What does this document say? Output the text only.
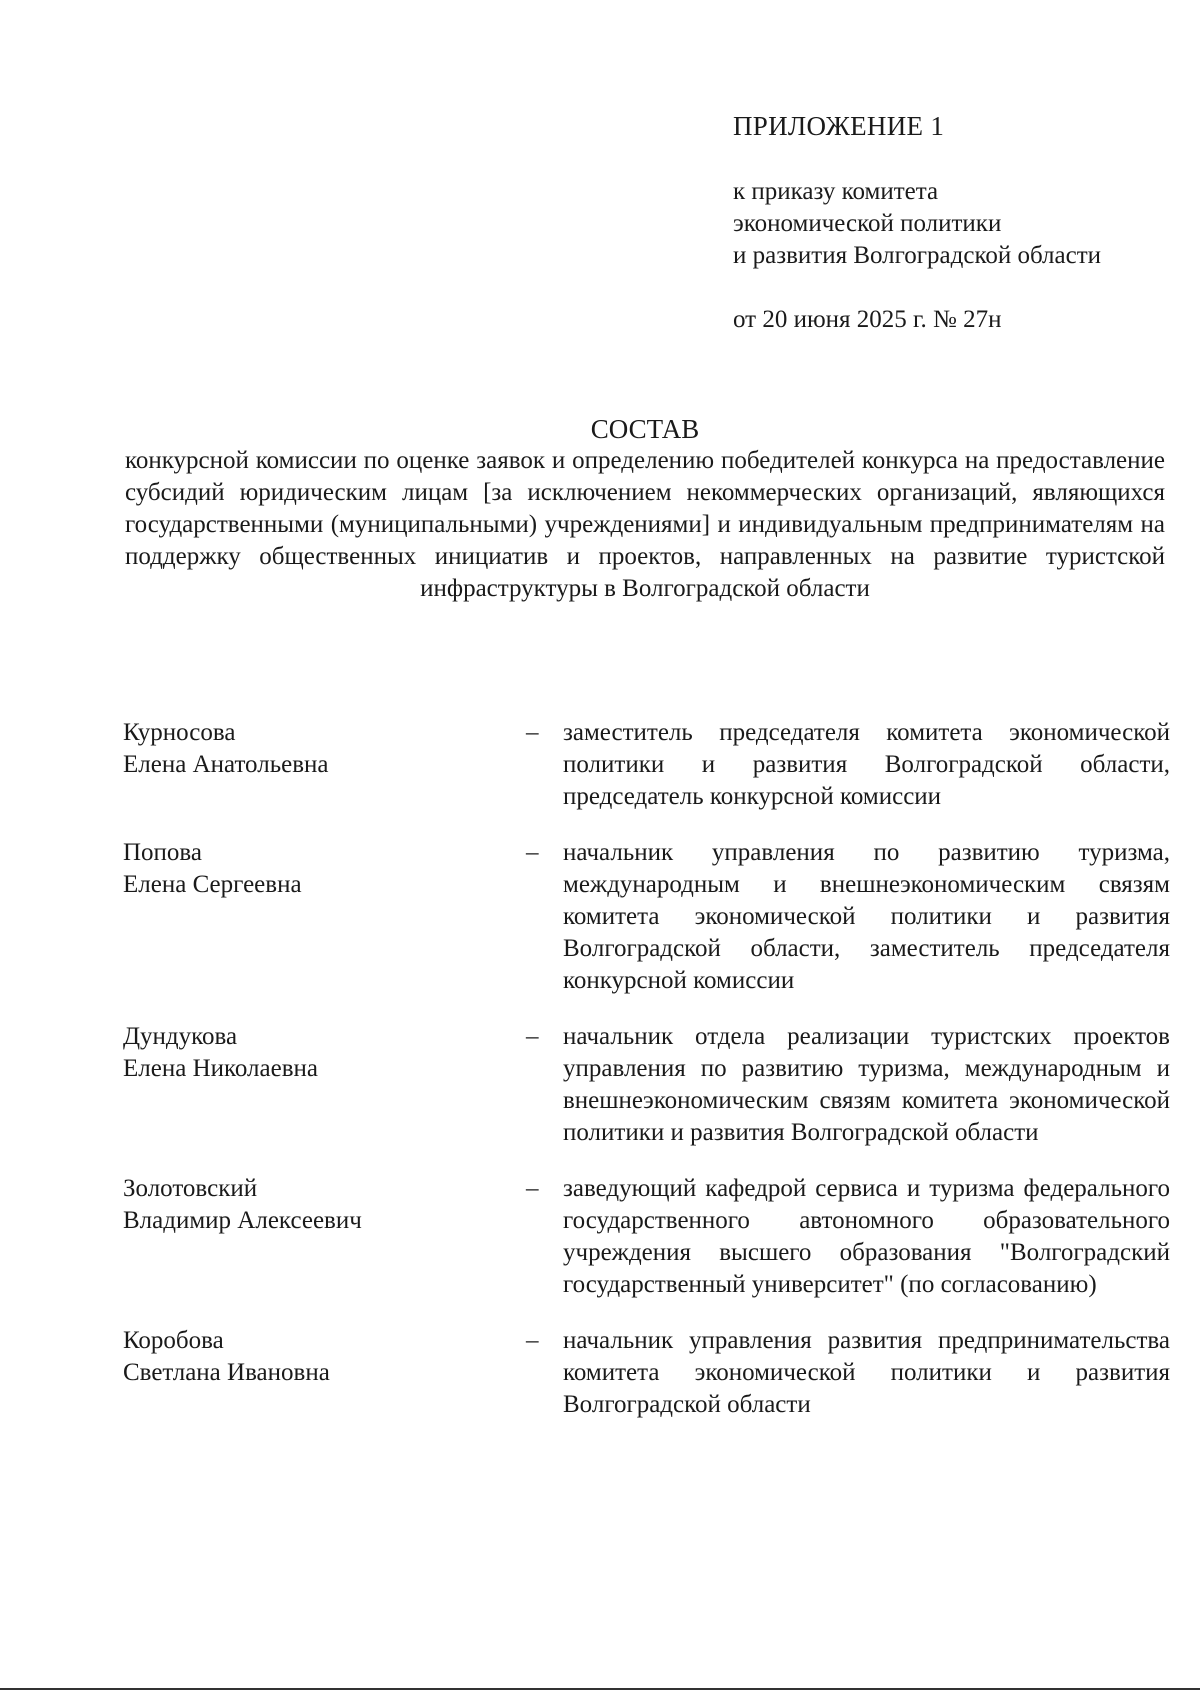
ПРИЛОЖЕНИЕ 1
к приказу комитета
экономической политики
и развития Волгоградской области
от 20 июня 2025 г. № 27н
СОСТАВ
конкурсной комиссии по оценке заявок и определению победителей конкурса на предоставление субсидий юридическим лицам [за исключением некоммерческих организаций, являющихся государственными (муниципальными) учреждениями] и индивидуальным предпринимателям на поддержку общественных инициатив и проектов, направленных на развитие туристской инфраструктуры в Волгоградской области
Курносова
Елена Анатольевна
– заместитель председателя комитета экономической политики и развития Волгоградской области, председатель конкурсной комиссии
Попова
Елена Сергеевна
– начальник управления по развитию туризма, международным и внешнеэкономическим связям комитета экономической политики и развития Волгоградской области, заместитель председателя конкурсной комиссии
Дундукова
Елена Николаевна
– начальник отдела реализации туристских проектов управления по развитию туризма, международным и внешнеэкономическим связям комитета экономической политики и развития Волгоградской области
Золотовский
Владимир Алексеевич
– заведующий кафедрой сервиса и туризма федерального государственного автономного образовательного учреждения высшего образования "Волгоградский государственный университет" (по согласованию)
Коробова
Светлана Ивановна
– начальник управления развития предпринимательства комитета экономической политики и развития Волгоградской области
